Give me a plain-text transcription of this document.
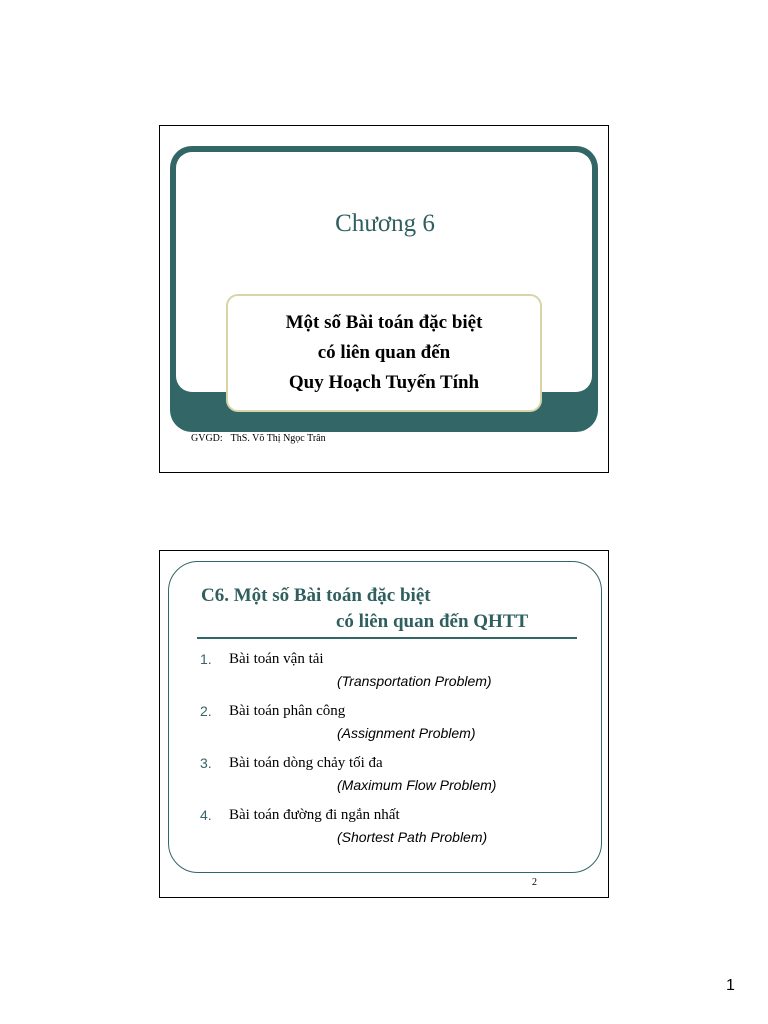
Chương 6
Một số Bài toán đặc biệt
có liên quan đến
Quy Hoạch Tuyến Tính
GVGD: ThS. Võ Thị Ngọc Trân
C6. Một số Bài toán đặc biệt
có liên quan đến QHTT
1. Bài toán vận tải
(Transportation Problem)
2. Bài toán phân công
(Assignment Problem)
3. Bài toán dòng chảy tối đa
(Maximum Flow Problem)
4. Bài toán đường đi ngắn nhất
(Shortest Path Problem)
2
1
